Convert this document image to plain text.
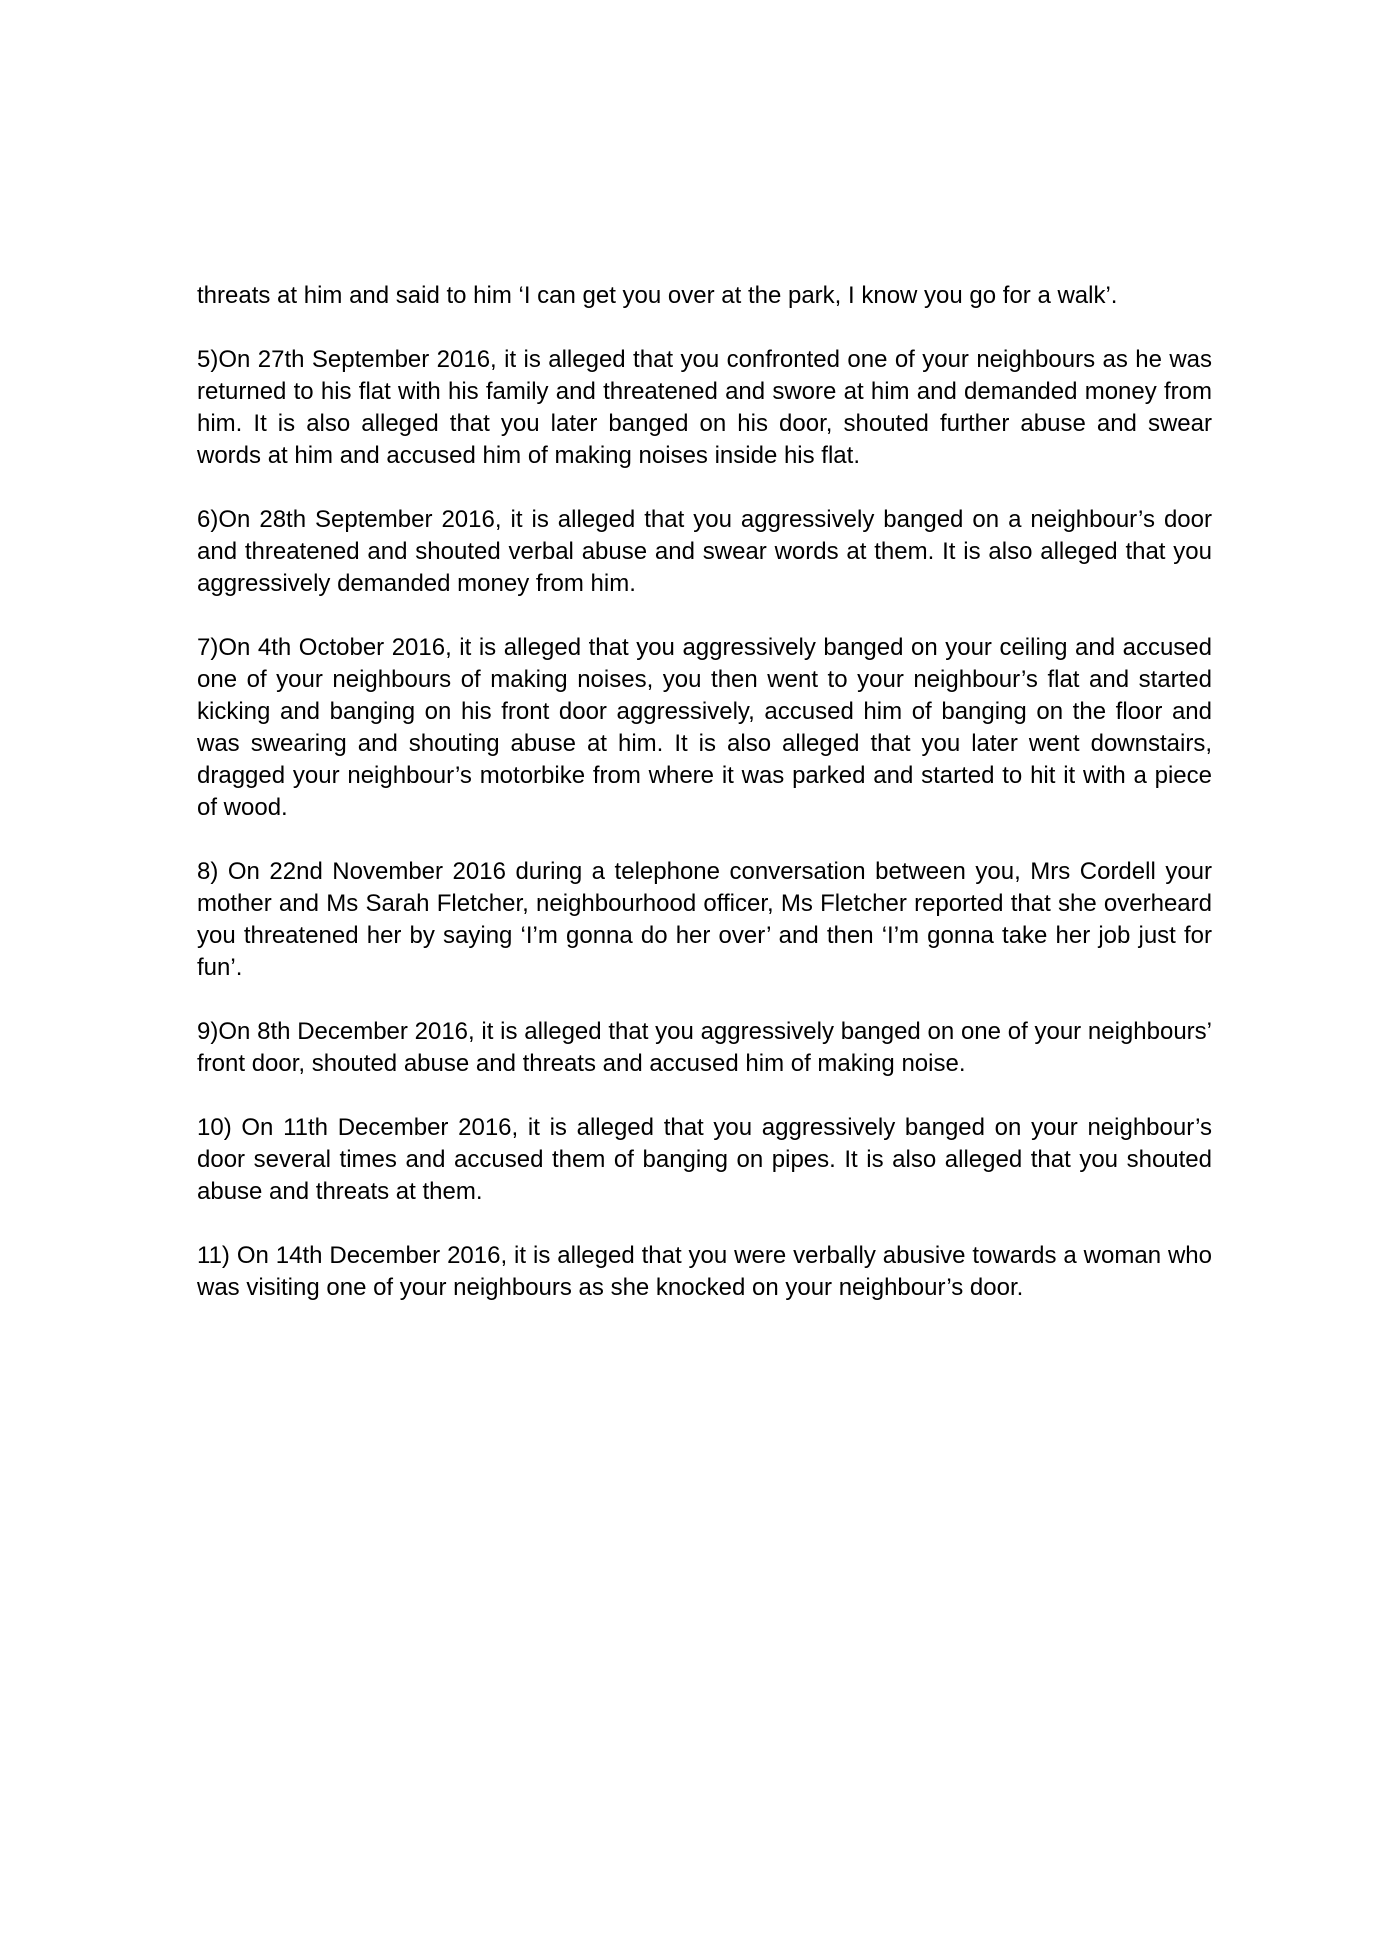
threats at him and said to him ‘I can get you over at the park, I know you go for a walk’.

5)On 27th September 2016, it is alleged that you confronted one of your neighbours as he was returned to his flat with his family and threatened and swore at him and demanded money from him. It is also alleged that you later banged on his door, shouted further abuse and swear words at him and accused him of making noises inside his flat.

6)On 28th September 2016, it is alleged that you aggressively banged on a neighbour’s door and threatened and shouted verbal abuse and swear words at them. It is also alleged that you aggressively demanded money from him.

7)On 4th October 2016, it is alleged that you aggressively banged on your ceiling and accused one of your neighbours of making noises, you then went to your neighbour’s flat and started kicking and banging on his front door aggressively, accused him of banging on the floor and was swearing and shouting abuse at him. It is also alleged that you later went downstairs, dragged your neighbour’s motorbike from where it was parked and started to hit it with a piece of wood.

8) On 22nd November 2016 during a telephone conversation between you, Mrs Cordell your mother and Ms Sarah Fletcher, neighbourhood officer, Ms Fletcher reported that she overheard you threatened her by saying ‘I’m gonna do her over’ and then ‘I’m gonna take her job just for fun’.

9)On 8th December 2016, it is alleged that you aggressively banged on one of your neighbours’ front door, shouted abuse and threats and accused him of making noise.

10) On 11th December 2016, it is alleged that you aggressively banged on your neighbour’s door several times and accused them of banging on pipes. It is also alleged that you shouted abuse and threats at them.

11) On 14th December 2016, it is alleged that you were verbally abusive towards a woman who was visiting one of your neighbours as she knocked on your neighbour’s door.
